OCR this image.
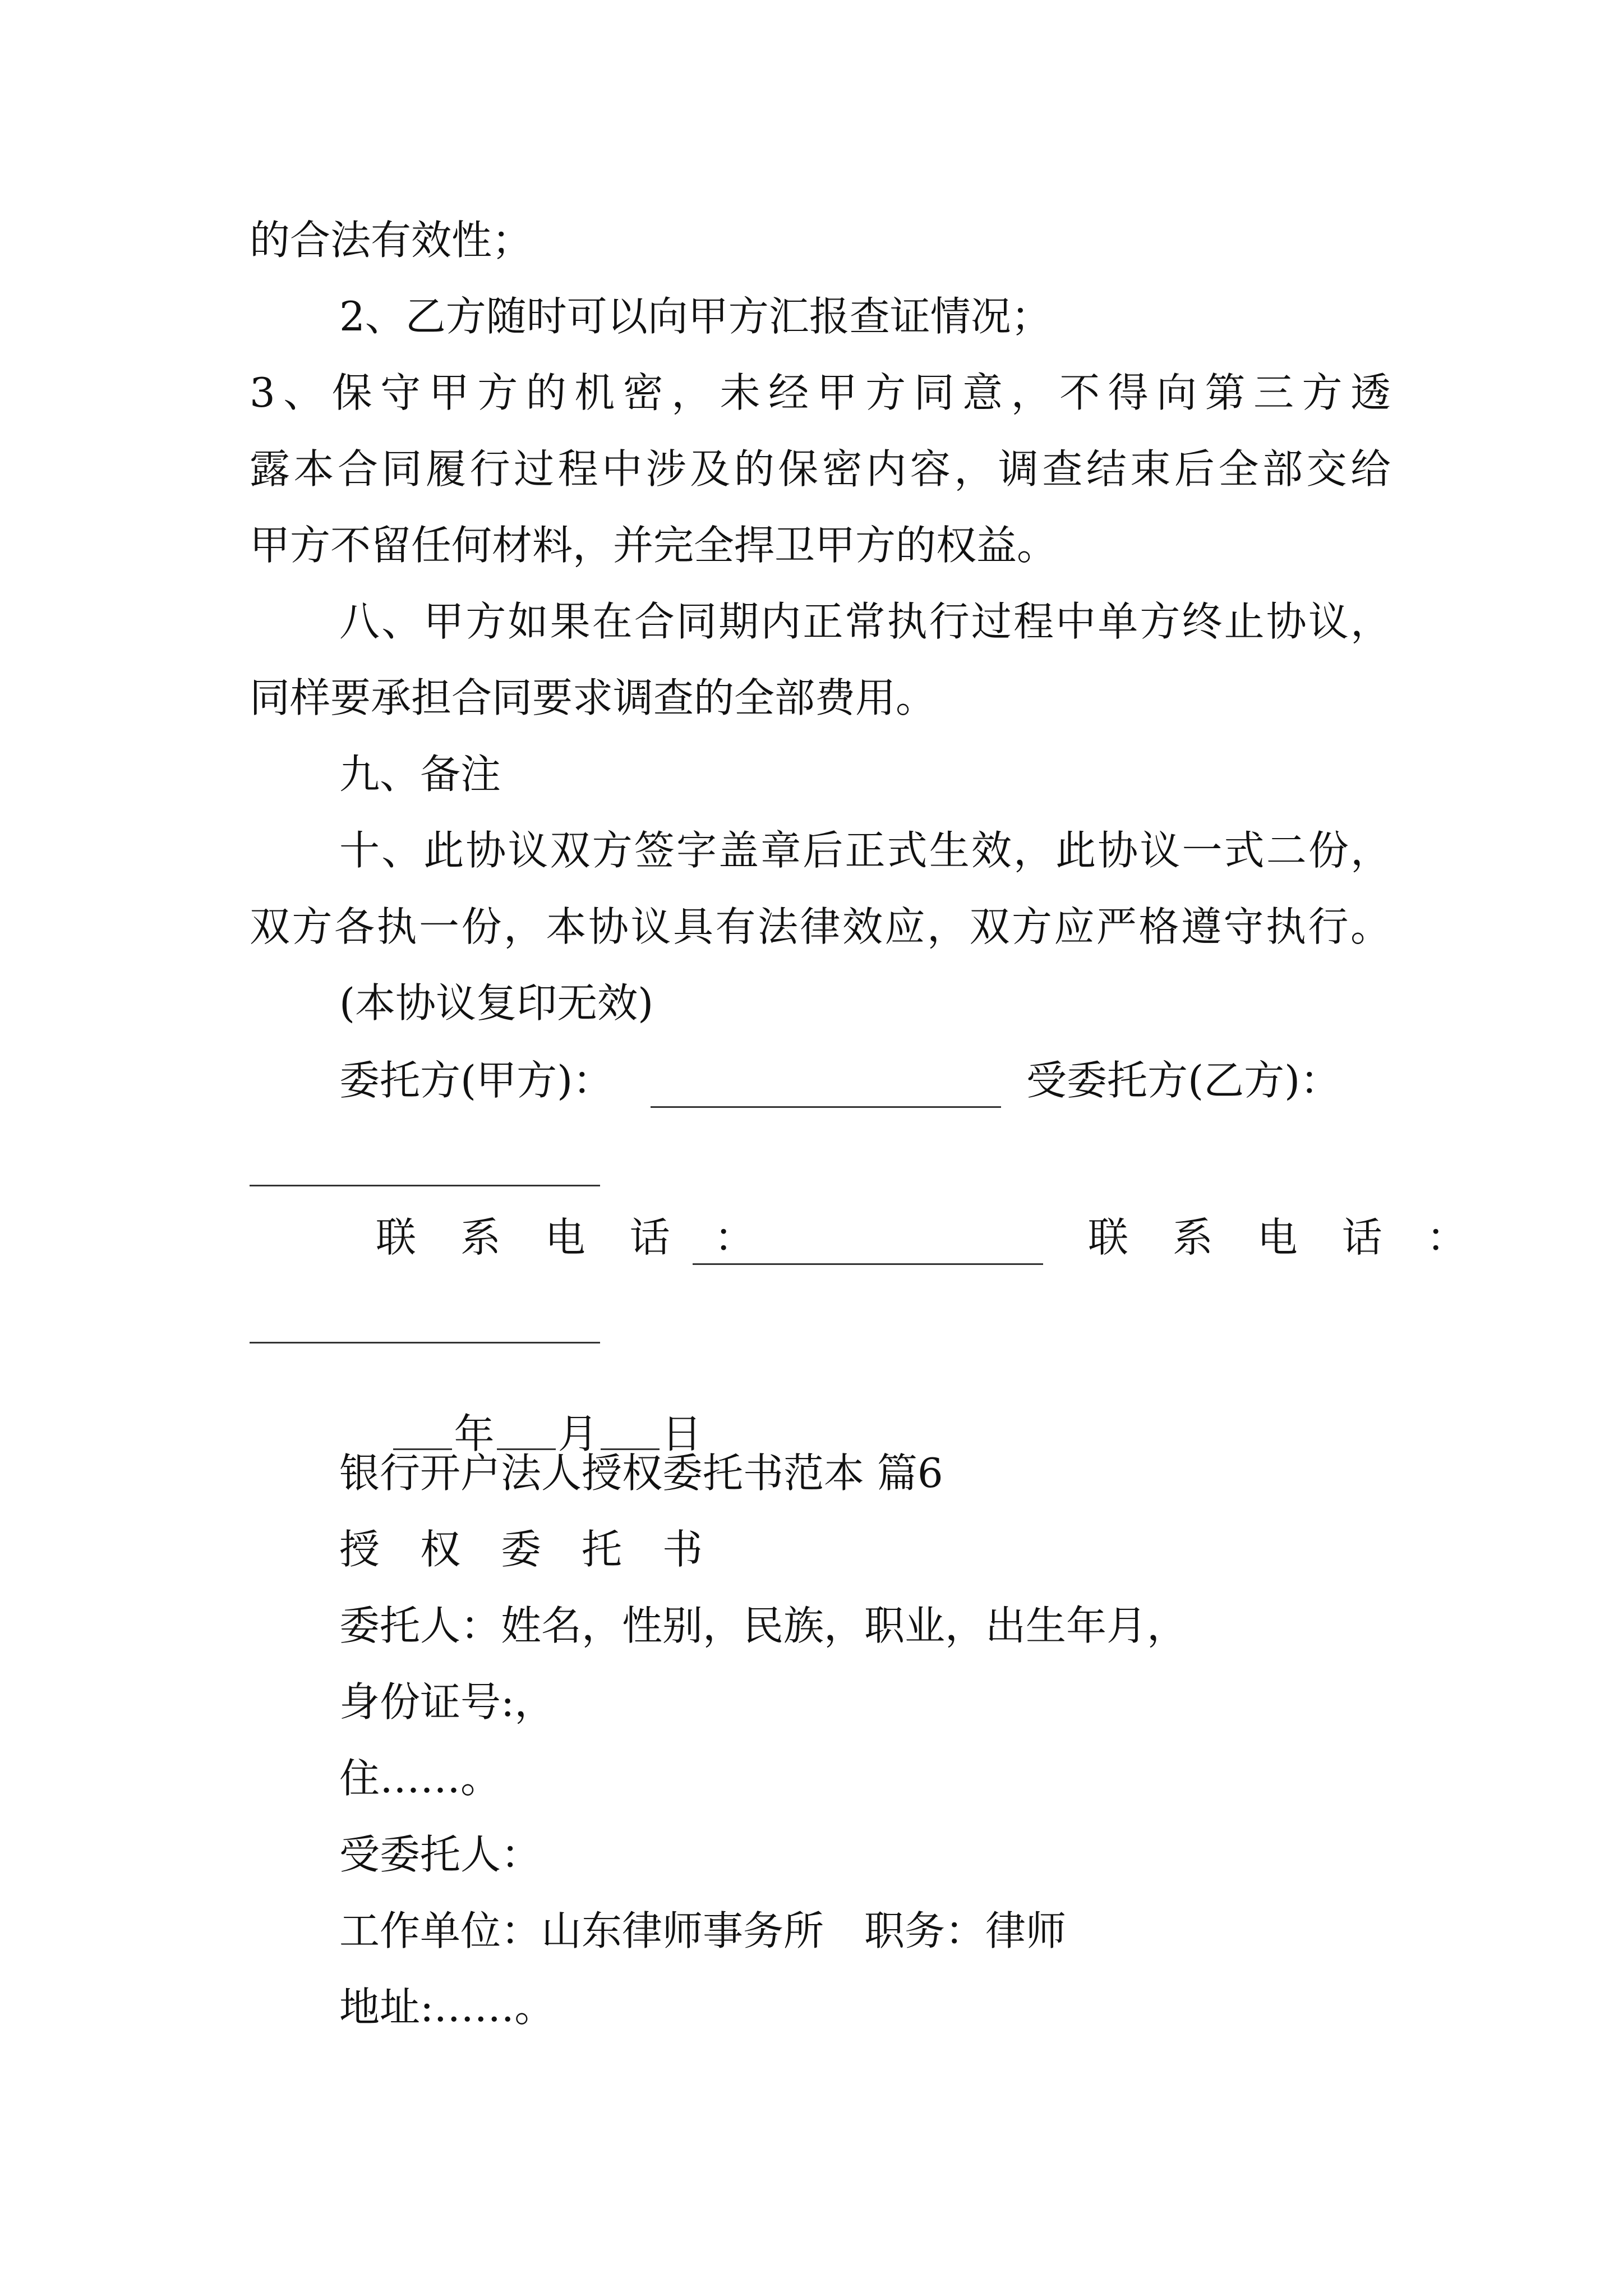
的合法有效性；
2、乙方随时可以向甲方汇报查证情况；
3、保守甲方的机密，未经甲方同意，不得向第三方透
露本合同履行过程中涉及的保密内容，调查结束后全部交给
甲方不留任何材料，并完全捍卫甲方的权益。
八、甲方如果在合同期内正常执行过程中单方终止协议，
同样要承担合同要求调查的全部费用。
九、备注
十、此协议双方签字盖章后正式生效，此协议一式二份，
双方各执一份，本协议具有法律效应，双方应严格遵守执行。
(本协议复印无效)
委托方(甲方)：	受委托方(乙方)：
联 系 电 话 ：	联 系 电 话 ：

年 月 日

银行开户法人授权委托书范本 篇6
授　权　委　托　书
委托人：姓名，性别，民族，职业，出生年月，
身份证号:，
住……。
受委托人：
工作单位：山东律师事务所　职务：律师
地址:……。
